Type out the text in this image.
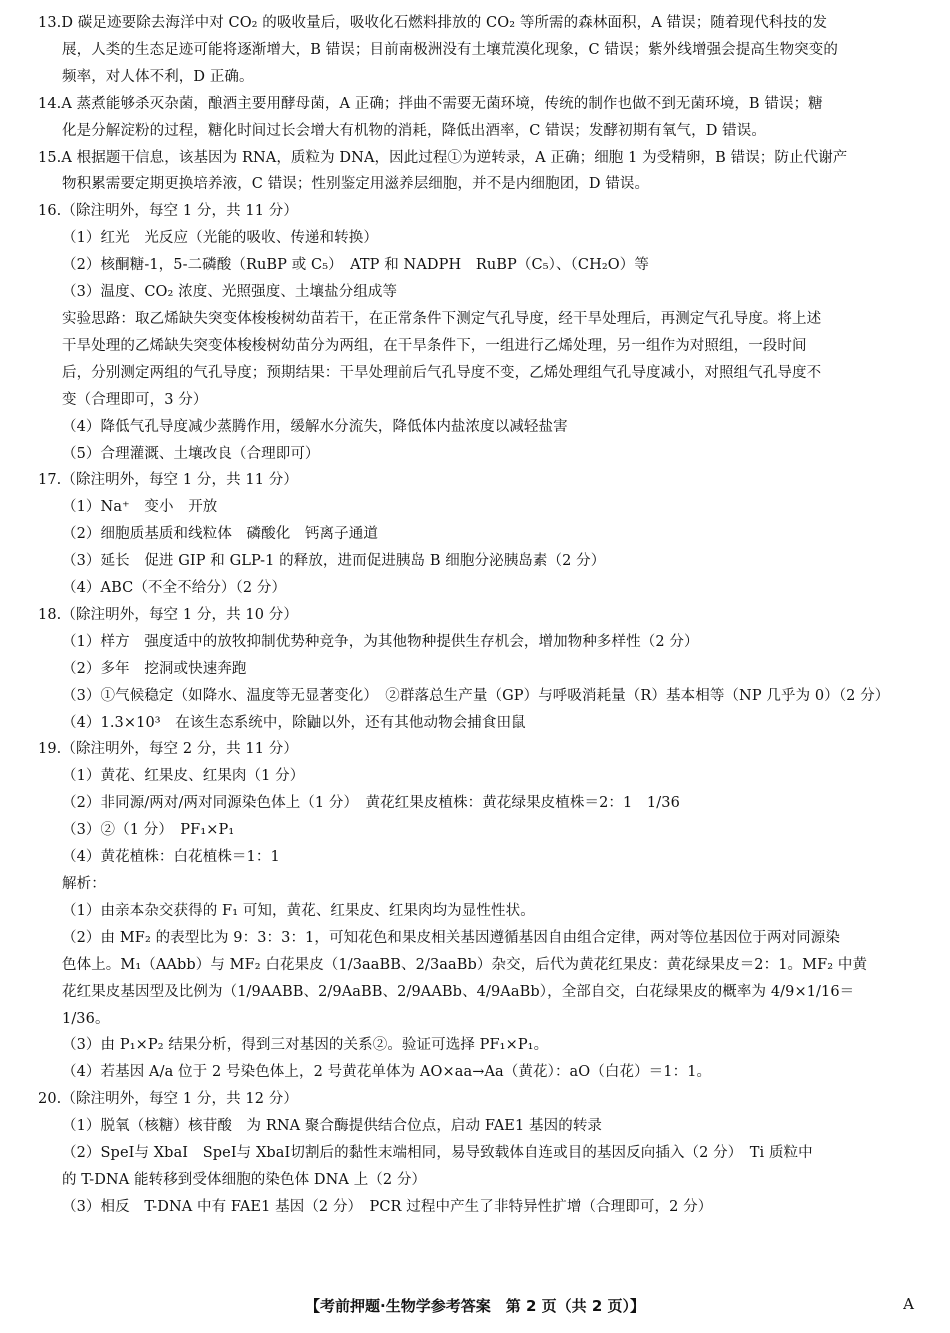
13.D 碳足迹要除去海洋中对 CO₂ 的吸收量后，吸收化石燃料排放的 CO₂ 等所需的森林面积，A 错误；随着现代科技的发
展，人类的生态足迹可能将逐渐增大，B 错误；目前南极洲没有土壤荒漠化现象，C 错误；紫外线增强会提高生物突变的
频率，对人体不利，D 正确。
14.A 蒸煮能够杀灭杂菌，酿酒主要用酵母菌，A 正确；拌曲不需要无菌环境，传统的制作也做不到无菌环境，B 错误；糖
化是分解淀粉的过程，糖化时间过长会增大有机物的消耗，降低出酒率，C 错误；发酵初期有氧气，D 错误。
15.A 根据题干信息，该基因为 RNA，质粒为 DNA，因此过程①为逆转录，A 正确；细胞 1 为受精卵，B 错误；防止代谢产
物积累需要定期更换培养液，C 错误；性别鉴定用滋养层细胞，并不是内细胞团，D 错误。
16.（除注明外，每空 1 分，共 11 分）
（1）红光　光反应（光能的吸收、传递和转换）
（2）核酮糖-1，5-二磷酸（RuBP 或 C₅）　ATP 和 NADPH　RuBP（C₅）、（CH₂O）等
（3）温度、CO₂ 浓度、光照强度、土壤盐分组成等
实验思路：取乙烯缺失突变体梭梭树幼苗若干，在正常条件下测定气孔导度，经干旱处理后，再测定气孔导度。将上述
干旱处理的乙烯缺失突变体梭梭树幼苗分为两组，在干旱条件下，一组进行乙烯处理，另一组作为对照组，一段时间
后，分别测定两组的气孔导度；预期结果：干旱处理前后气孔导度不变，乙烯处理组气孔导度减小，对照组气孔导度不
变（合理即可，3 分）
（4）降低气孔导度减少蒸腾作用，缓解水分流失，降低体内盐浓度以减轻盐害
（5）合理灌溉、土壤改良（合理即可）
17.（除注明外，每空 1 分，共 11 分）
（1）Na⁺　变小　开放
（2）细胞质基质和线粒体　磷酸化　钙离子通道
（3）延长　促进 GIP 和 GLP-1 的释放，进而促进胰岛 B 细胞分泌胰岛素（2 分）
（4）ABC（不全不给分）（2 分）
18.（除注明外，每空 1 分，共 10 分）
（1）样方　强度适中的放牧抑制优势种竞争，为其他物种提供生存机会，增加物种多样性（2 分）
（2）多年　挖洞或快速奔跑
（3）①气候稳定（如降水、温度等无显著变化）　②群落总生产量（GP）与呼吸消耗量（R）基本相等（NP 几乎为 0）（2 分）
（4）1.3×10³　在该生态系统中，除鼬以外，还有其他动物会捕食田鼠
19.（除注明外，每空 2 分，共 11 分）
（1）黄花、红果皮、红果肉（1 分）
（2）非同源/两对/两对同源染色体上（1 分）　黄花红果皮植株：黄花绿果皮植株＝2：1　1/36
（3）②（1 分）　PF₁×P₁
（4）黄花植株：白花植株＝1：1
解析：
（1）由亲本杂交获得的 F₁ 可知，黄花、红果皮、红果肉均为显性性状。
（2）由 MF₂ 的表型比为 9：3：3：1，可知花色和果皮相关基因遵循基因自由组合定律，两对等位基因位于两对同源染
色体上。M₁（AAbb）与 MF₂ 白花果皮（1/3aaBB、2/3aaBb）杂交，后代为黄花红果皮：黄花绿果皮＝2：1。MF₂ 中黄
花红果皮基因型及比例为（1/9AABB、2/9AaBB、2/9AABb、4/9AaBb），全部自交，白花绿果皮的概率为 4/9×1/16＝
1/36。
（3）由 P₁×P₂ 结果分析，得到三对基因的关系②。验证可选择 PF₁×P₁。
（4）若基因 A/a 位于 2 号染色体上，2 号黄花单体为 AO×aa→Aa（黄花）：aO（白花）＝1：1。
20.（除注明外，每空 1 分，共 12 分）
（1）脱氧（核糖）核苷酸　为 RNA 聚合酶提供结合位点，启动 FAE1 基因的转录
（2）SpeⅠ与 XbaⅠ　SpeⅠ与 XbaⅠ切割后的黏性末端相同，易导致载体自连或目的基因反向插入（2 分）　Ti 质粒中
的 T-DNA 能转移到受体细胞的染色体 DNA 上（2 分）
（3）相反　T-DNA 中有 FAE1 基因（2 分）　PCR 过程中产生了非特异性扩增（合理即可，2 分）
【考前押题·生物学参考答案　第 2 页（共 2 页）】	A
